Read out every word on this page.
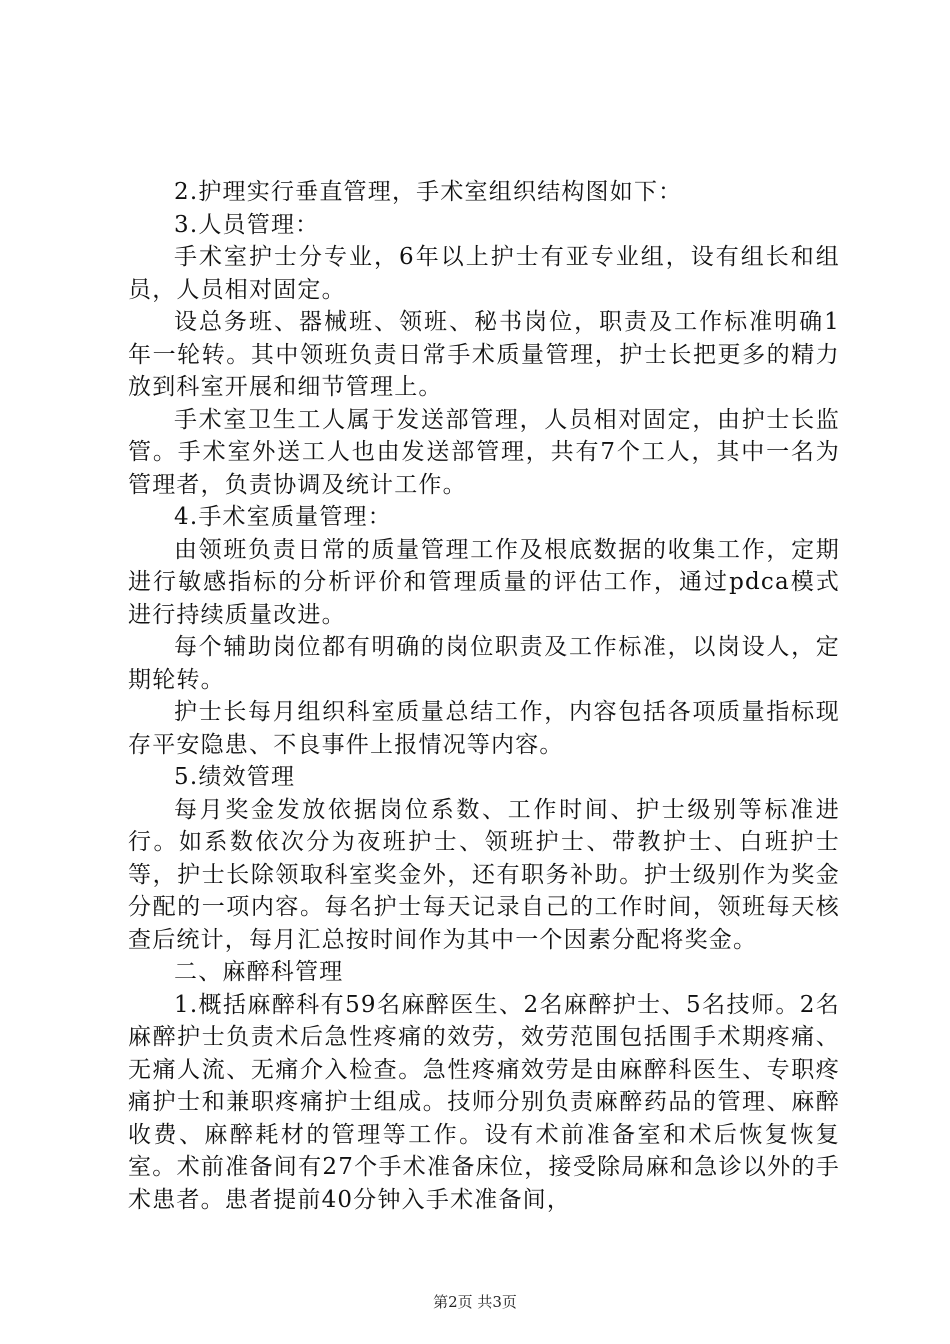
2.护理实行垂直管理，手术室组织结构图如下：

3.人员管理：

手术室护士分专业，6年以上护士有亚专业组，设有组长和组员，人员相对固定。

设总务班、器械班、领班、秘书岗位，职责及工作标准明确1年一轮转。其中领班负责日常手术质量管理，护士长把更多的精力放到科室开展和细节管理上。

手术室卫生工人属于发送部管理，人员相对固定，由护士长监管。手术室外送工人也由发送部管理，共有7个工人，其中一名为管理者，负责协调及统计工作。

4.手术室质量管理：

由领班负责日常的质量管理工作及根底数据的收集工作，定期进行敏感指标的分析评价和管理质量的评估工作，通过pdca模式进行持续质量改进。

每个辅助岗位都有明确的岗位职责及工作标准，以岗设人，定期轮转。

护士长每月组织科室质量总结工作，内容包括各项质量指标现存平安隐患、不良事件上报情况等内容。

5.绩效管理

每月奖金发放依据岗位系数、工作时间、护士级别等标准进行。如系数依次分为夜班护士、领班护士、带教护士、白班护士等，护士长除领取科室奖金外，还有职务补助。护士级别作为奖金分配的一项内容。每名护士每天记录自己的工作时间，领班每天核查后统计，每月汇总按时间作为其中一个因素分配将奖金。

二、麻醉科管理

1.概括麻醉科有59名麻醉医生、2名麻醉护士、5名技师。2名麻醉护士负责术后急性疼痛的效劳，效劳范围包括围手术期疼痛、无痛人流、无痛介入检查。急性疼痛效劳是由麻醉科医生、专职疼痛护士和兼职疼痛护士组成。技师分别负责麻醉药品的管理、麻醉收费、麻醉耗材的管理等工作。设有术前准备室和术后恢复恢复室。术前准备间有27个手术准备床位，接受除局麻和急诊以外的手术患者。患者提前40分钟入手术准备间，

第2页 共3页
